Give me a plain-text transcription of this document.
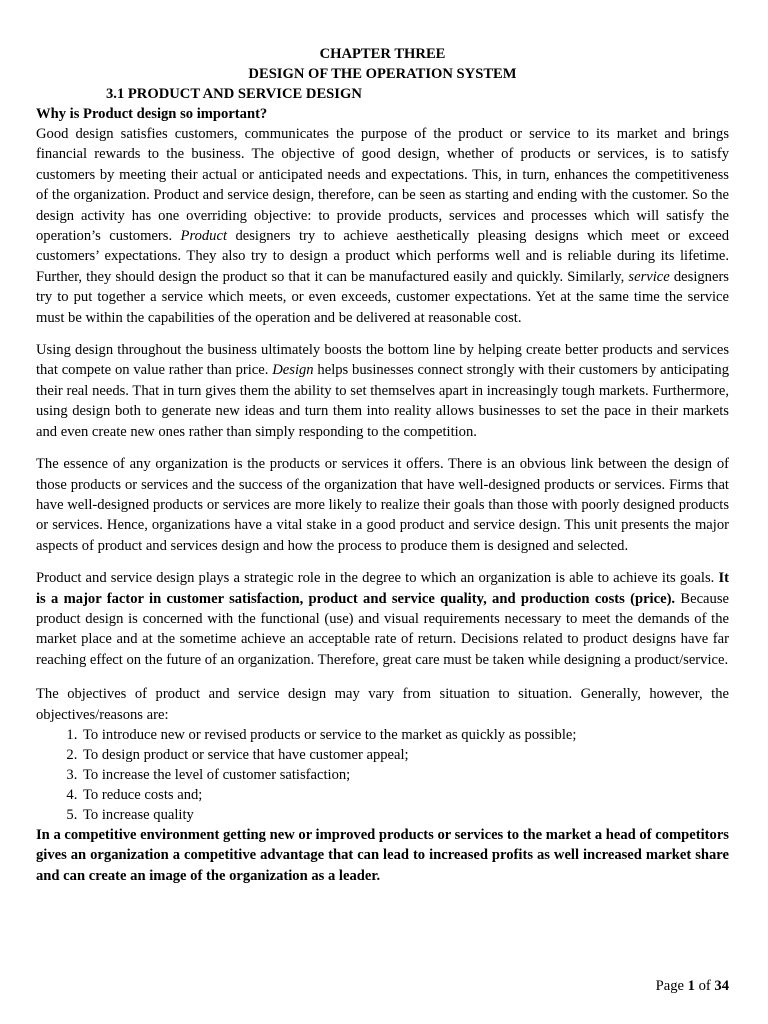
CHAPTER THREE
DESIGN OF THE OPERATION SYSTEM
3.1 PRODUCT AND SERVICE DESIGN
Why is Product design so important?

Good design satisfies customers, communicates the purpose of the product or service to its market and brings financial rewards to the business. The objective of good design, whether of products or services, is to satisfy customers by meeting their actual or anticipated needs and expectations. This, in turn, enhances the competitiveness of the organization. Product and service design, therefore, can be seen as starting and ending with the customer. So the design activity has one overriding objective: to provide products, services and processes which will satisfy the operation’s customers. Product designers try to achieve aesthetically pleasing designs which meet or exceed customers’ expectations. They also try to design a product which performs well and is reliable during its lifetime. Further, they should design the product so that it can be manufactured easily and quickly. Similarly, service designers try to put together a service which meets, or even exceeds, customer expectations. Yet at the same time the service must be within the capabilities of the operation and be delivered at reasonable cost.

Using design throughout the business ultimately boosts the bottom line by helping create better products and services that compete on value rather than price. Design helps businesses connect strongly with their customers by anticipating their real needs. That in turn gives them the ability to set themselves apart in increasingly tough markets. Furthermore, using design both to generate new ideas and turn them into reality allows businesses to set the pace in their markets and even create new ones rather than simply responding to the competition.

The essence of any organization is the products or services it offers. There is an obvious link between the design of those products or services and the success of the organization that have well-designed products or services. Firms that have well-designed products or services are more likely to realize their goals than those with poorly designed products or services. Hence, organizations have a vital stake in a good product and service design. This unit presents the major aspects of product and services design and how the process to produce them is designed and selected.

Product and service design plays a strategic role in the degree to which an organization is able to achieve its goals. It is a major factor in customer satisfaction, product and service quality, and production costs (price). Because product design is concerned with the functional (use) and visual requirements necessary to meet the demands of the market place and at the sometime achieve an acceptable rate of return. Decisions related to product designs have far reaching effect on the future of an organization. Therefore, great care must be taken while designing a product/service.

The objectives of product and service design may vary from situation to situation. Generally, however, the objectives/reasons are:

1. To introduce new or revised products or service to the market as quickly as possible;
2. To design product or service that have customer appeal;
3. To increase the level of customer satisfaction;
4. To reduce costs and;
5. To increase quality

In a competitive environment getting new or improved products or services to the market a head of competitors gives an organization a competitive advantage that can lead to increased profits as well increased market share and can create an image of the organization as a leader.

Page 1 of 34
